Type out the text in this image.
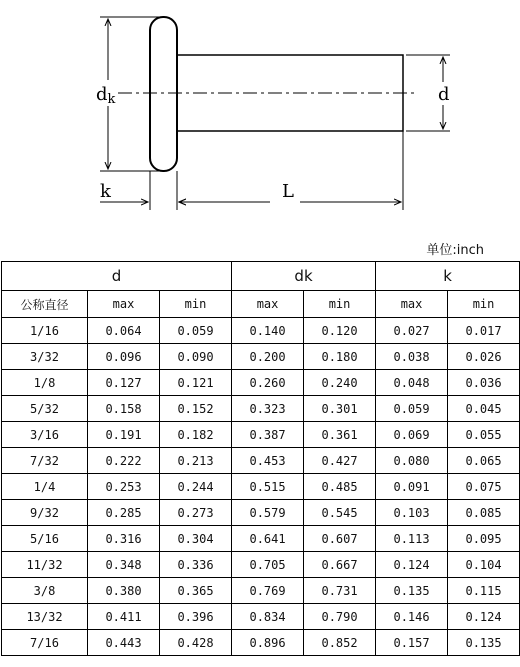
dk	d
k	L
单位:inch
d			dk		k	
公称直径	max	min	max	min	max	min
1/16	0.064	0.059	0.140	0.120	0.027	0.017
3/32	0.096	0.090	0.200	0.180	0.038	0.026
1/8	0.127	0.121	0.260	0.240	0.048	0.036
5/32	0.158	0.152	0.323	0.301	0.059	0.045
3/16	0.191	0.182	0.387	0.361	0.069	0.055
7/32	0.222	0.213	0.453	0.427	0.080	0.065
1/4	0.253	0.244	0.515	0.485	0.091	0.075
9/32	0.285	0.273	0.579	0.545	0.103	0.085
5/16	0.316	0.304	0.641	0.607	0.113	0.095
11/32	0.348	0.336	0.705	0.667	0.124	0.104
3/8	0.380	0.365	0.769	0.731	0.135	0.115
13/32	0.411	0.396	0.834	0.790	0.146	0.124
7/16	0.443	0.428	0.896	0.852	0.157	0.135
